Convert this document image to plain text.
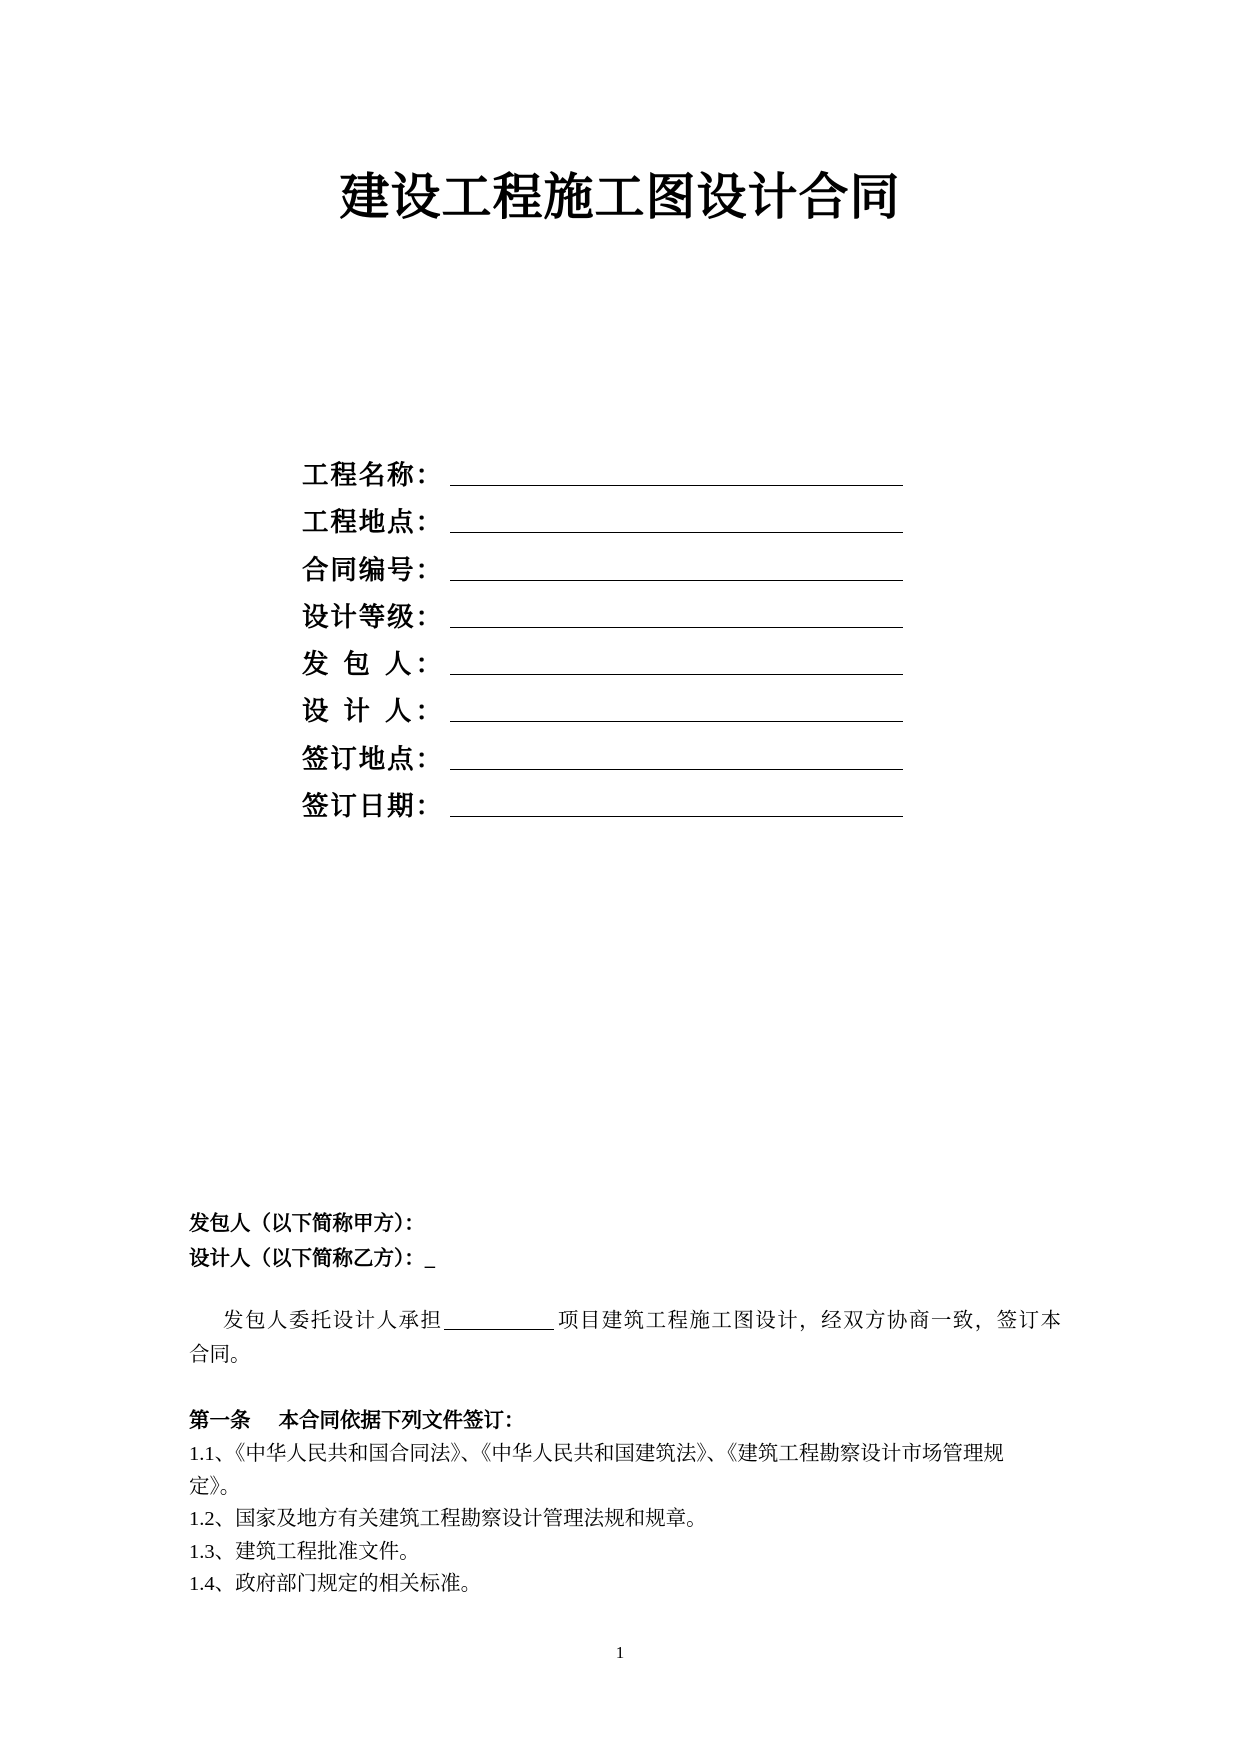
建设工程施工图设计合同
工程名称：
工程地点：
合同编号：
设计等级：
发 包 人：
设 计 人：
签订地点：
签订日期：
发包人（以下简称甲方）：
设计人（以下简称乙方）：_
发包人委托设计人承担	项目建筑工程施工图设计，经双方协商一致，签订本
合同。
第一条 本合同依据下列文件签订：
1.1、《中华人民共和国合同法》、《中华人民共和国建筑法》、《建筑工程勘察设计市场管理规
定》。
1.2、国家及地方有关建筑工程勘察设计管理法规和规章。
1.3、建筑工程批准文件。
1.4、政府部门规定的相关标准。
1
